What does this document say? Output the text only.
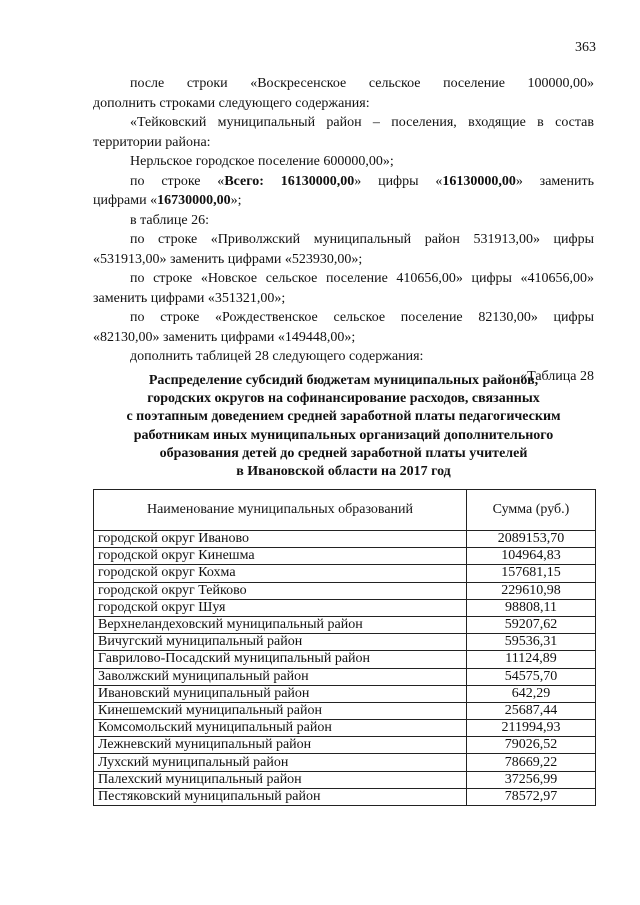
363

после строки «Воскресенское сельское поселение 100000,00»

дополнить строками следующего содержания:

«Тейковский муниципальный район – поселения, входящие в состав

территории района:

Нерльское городское поселение 600000,00»;

по строке «Всего: 16130000,00» цифры «16130000,00» заменить

цифрами «16730000,00»;

в таблице 26:

по строке «Приволжский муниципальный район 531913,00» цифры

«531913,00» заменить цифрами «523930,00»;

по строке «Новское сельское поселение 410656,00» цифры «410656,00»

заменить цифрами «351321,00»;

по строке «Рождественское сельское поселение 82130,00» цифры

«82130,00» заменить цифрами «149448,00»;

дополнить таблицей 28 следующего содержания:

«Таблица 28

Распределение субсидий бюджетам муниципальных районов,
городских округов на софинансирование расходов, связанных
с поэтапным доведением средней заработной платы педагогическим
работникам иных муниципальных организаций дополнительного
образования детей до средней заработной платы учителей
в Ивановской области на 2017 год
Наименование муниципальных образований	Сумма (руб.)
городской округ Иваново	2089153,70
городской округ Кинешма	104964,83
городской округ Кохма	157681,15
городской округ Тейково	229610,98
городской округ Шуя	98808,11
Верхнеландеховский муниципальный район	59207,62
Вичугский муниципальный район	59536,31
Гаврилово-Посадский муниципальный район	11124,89
Заволжский муниципальный район	54575,70
Ивановский муниципальный район	642,29
Кинешемский муниципальный район	25687,44
Комсомольский муниципальный район	211994,93
Лежневский муниципальный район	79026,52
Лухский муниципальный район	78669,22
Палехский муниципальный район	37256,99
Пестяковский муниципальный район	78572,97
